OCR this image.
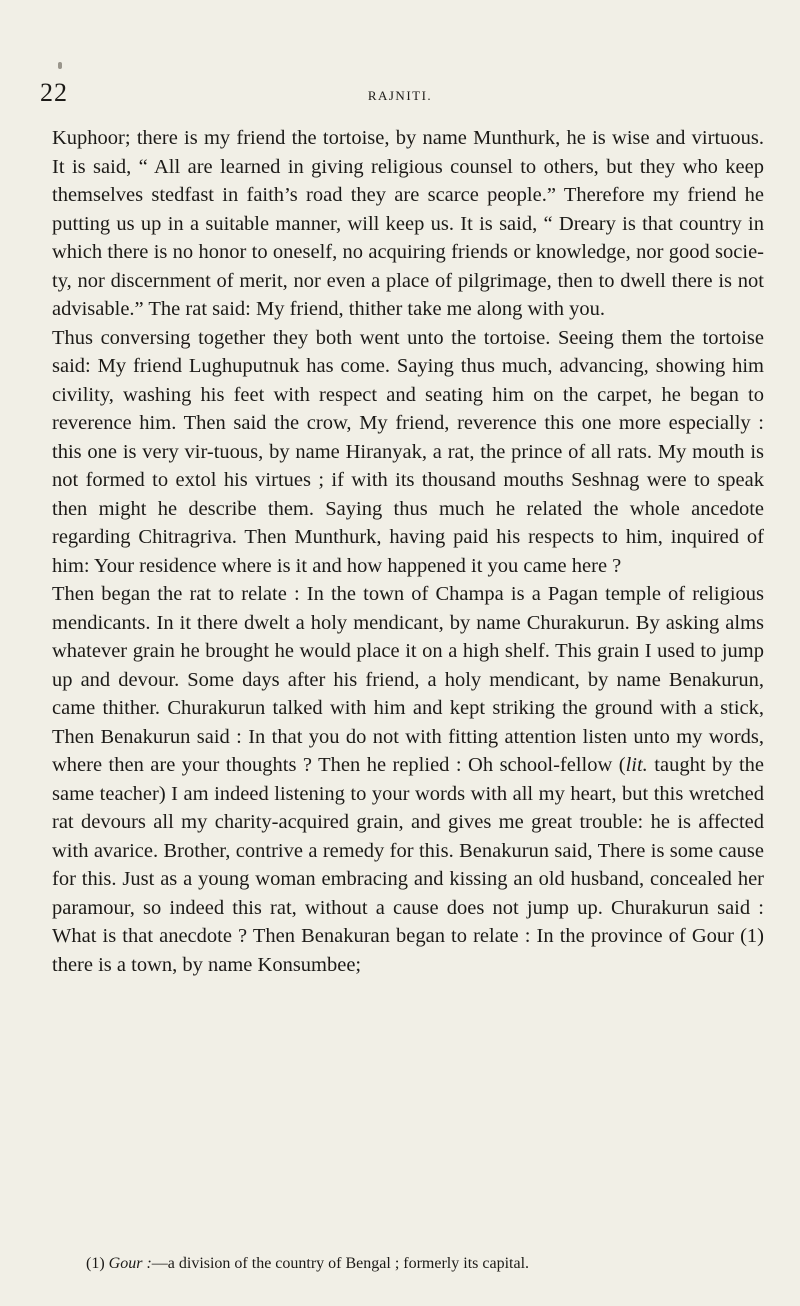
22	RAJNITI.

Kuphoor; there is my friend the tortoise, by name Munthurk, he is wise and virtuous. It is said, “ All are learned in giving religious counsel to others, but they who keep themselves stedfast in faith’s road they are scarce people.” Therefore my friend he putting us up in a suitable manner, will keep us. It is said, “ Dreary is that country in which there is no honor to oneself, no acquiring friends or knowledge, nor good socie-ty, nor discernment of merit, nor even a place of pilgrimage, then to dwell there is not advisable.” The rat said: My friend, thither take me along with you.

Thus conversing together they both went unto the tortoise. Seeing them the tortoise said: My friend Lughuputnuk has come. Saying thus much, advancing, showing him civility, washing his feet with respect and seating him on the carpet, he began to reverence him. Then said the crow, My friend, reverence this one more especially : this one is very vir-tuous, by name Hiranyak, a rat, the prince of all rats. My mouth is not formed to extol his virtues ; if with its thousand mouths Seshnag were to speak then might he describe them. Saying thus much he related the whole ancedote regarding Chitragriva. Then Munthurk, having paid his respects to him, inquired of him: Your residence where is it and how happened it you came here ?

Then began the rat to relate : In the town of Champa is a Pagan temple of religious mendicants. In it there dwelt a holy mendicant, by name Churakurun. By asking alms whatever grain he brought he would place it on a high shelf. This grain I used to jump up and devour. Some days after his friend, a holy mendicant, by name Benakurun, came thither. Churakurun talked with him and kept striking the ground with a stick, Then Benakurun said : In that you do not with fitting attention listen unto my words, where then are your thoughts ? Then he replied : Oh school-fellow (lit. taught by the same teacher) I am indeed listening to your words with all my heart, but this wretched rat devours all my charity-acquired grain, and gives me great trouble: he is affected with avarice. Brother, contrive a remedy for this. Benakurun said, There is some cause for this. Just as a young woman embracing and kissing an old husband, concealed her paramour, so indeed this rat, without a cause does not jump up. Churakurun said : What is that anecdote ? Then Benakuran began to relate : In the province of Gour (1) there is a town, by name Konsumbee;

(1) Gour :—a division of the country of Bengal ; formerly its capital.
